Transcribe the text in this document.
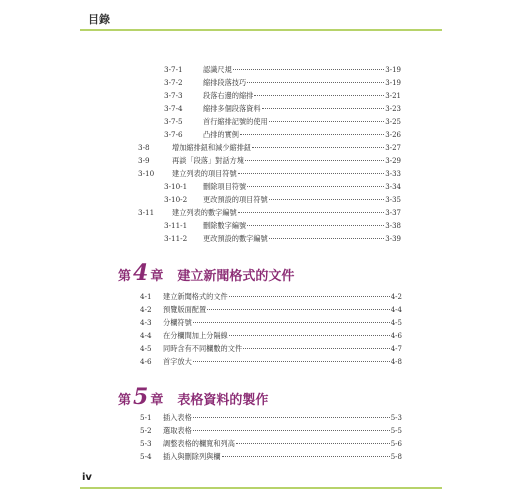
目錄
3-7-1	認識尺規	3-19
3-7-2	縮排段落技巧	3-19
3-7-3	段落右邊的縮排	3-21
3-7-4	縮排多個段落資料	3-23
3-7-5	首行縮排記號的使用	3-25
3-7-6	凸排的實例	3-26
3-8	增加縮排鈕和減少縮排鈕	3-27
3-9	再談「段落」對話方塊	3-29
3-10	建立列表的項目符號	3-33
3-10-1	刪除項目符號	3-34
3-10-2	更改預設的項目符號	3-35
3-11	建立列表的數字編號	3-37
3-11-1	刪除數字編號	3-38
3-11-2	更改預設的數字編號	3-39
第 4 章 建立新聞格式的文件
4-1	建立新聞格式的文件	4-2
4-2	預覽版面配置	4-4
4-3	分欄符號	4-5
4-4	在分欄間加上分隔線	4-6
4-5	同時含有不同欄數的文件	4-7
4-6	首字放大	4-8
第 5 章 表格資料的製作
5-1	插入表格	5-3
5-2	選取表格	5-5
5-3	調整表格的欄寬和列高	5-6
5-4	插入與刪除列與欄	5-8
iv
